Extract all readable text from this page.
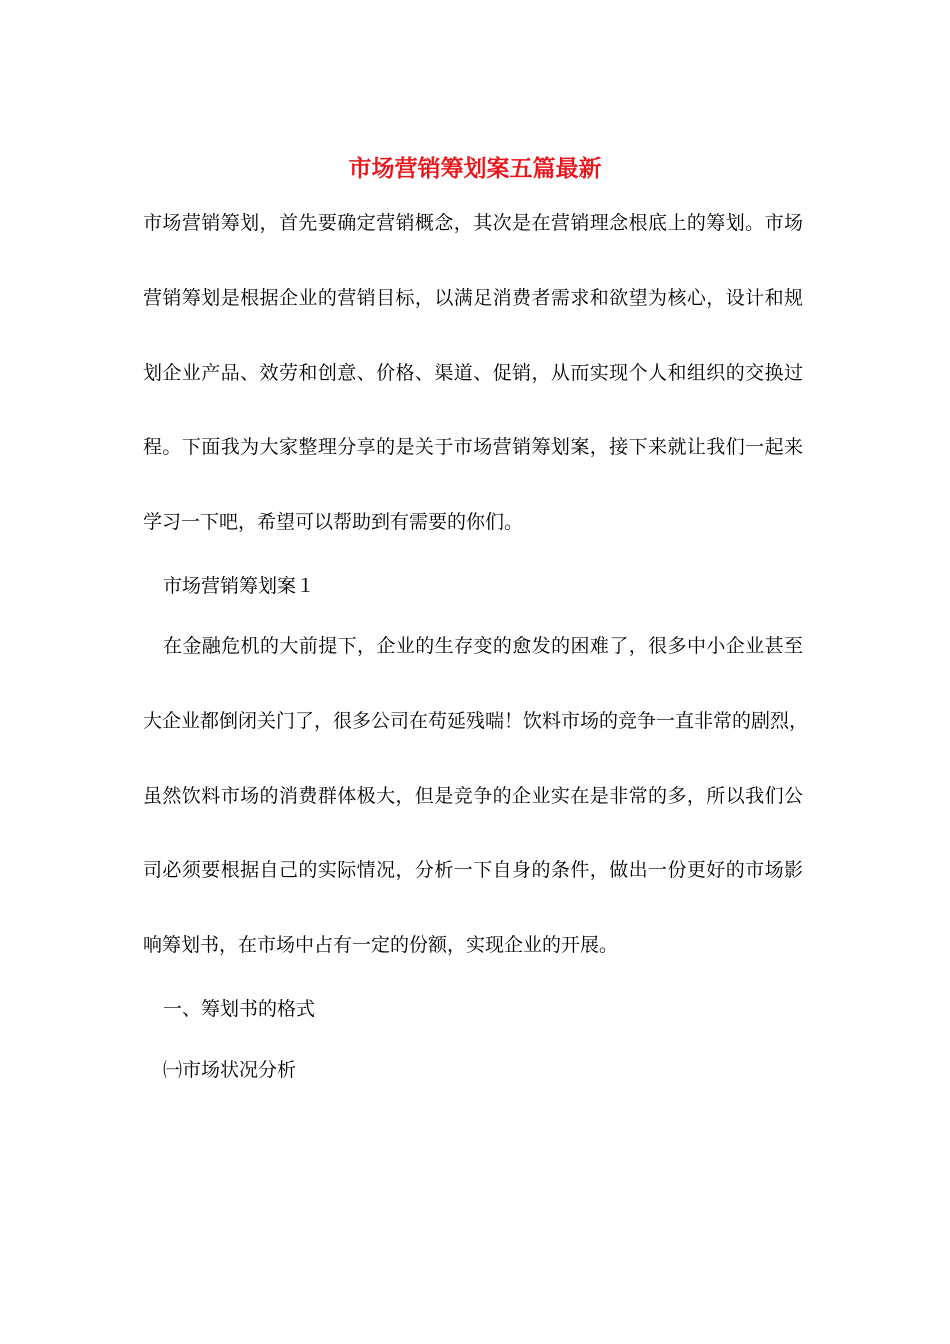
市场营销筹划案五篇最新

市场营销筹划，首先要确定营销概念，其次是在营销理念根底上的筹划。市场

营销筹划是根据企业的营销目标，以满足消费者需求和欲望为核心，设计和规

划企业产品、效劳和创意、价格、渠道、促销，从而实现个人和组织的交换过

程。下面我为大家整理分享的是关于市场营销筹划案，接下来就让我们一起来

学习一下吧，希望可以帮助到有需要的你们。

市场营销筹划案１

在金融危机的大前提下，企业的生存变的愈发的困难了，很多中小企业甚至

大企业都倒闭关门了，很多公司在苟延残喘！饮料市场的竞争一直非常的剧烈，

虽然饮料市场的消费群体极大，但是竞争的企业实在是非常的多，所以我们公

司必须要根据自己的实际情况，分析一下自身的条件，做出一份更好的市场影

响筹划书，在市场中占有一定的份额，实现企业的开展。

一、筹划书的格式

㈠市场状况分析
